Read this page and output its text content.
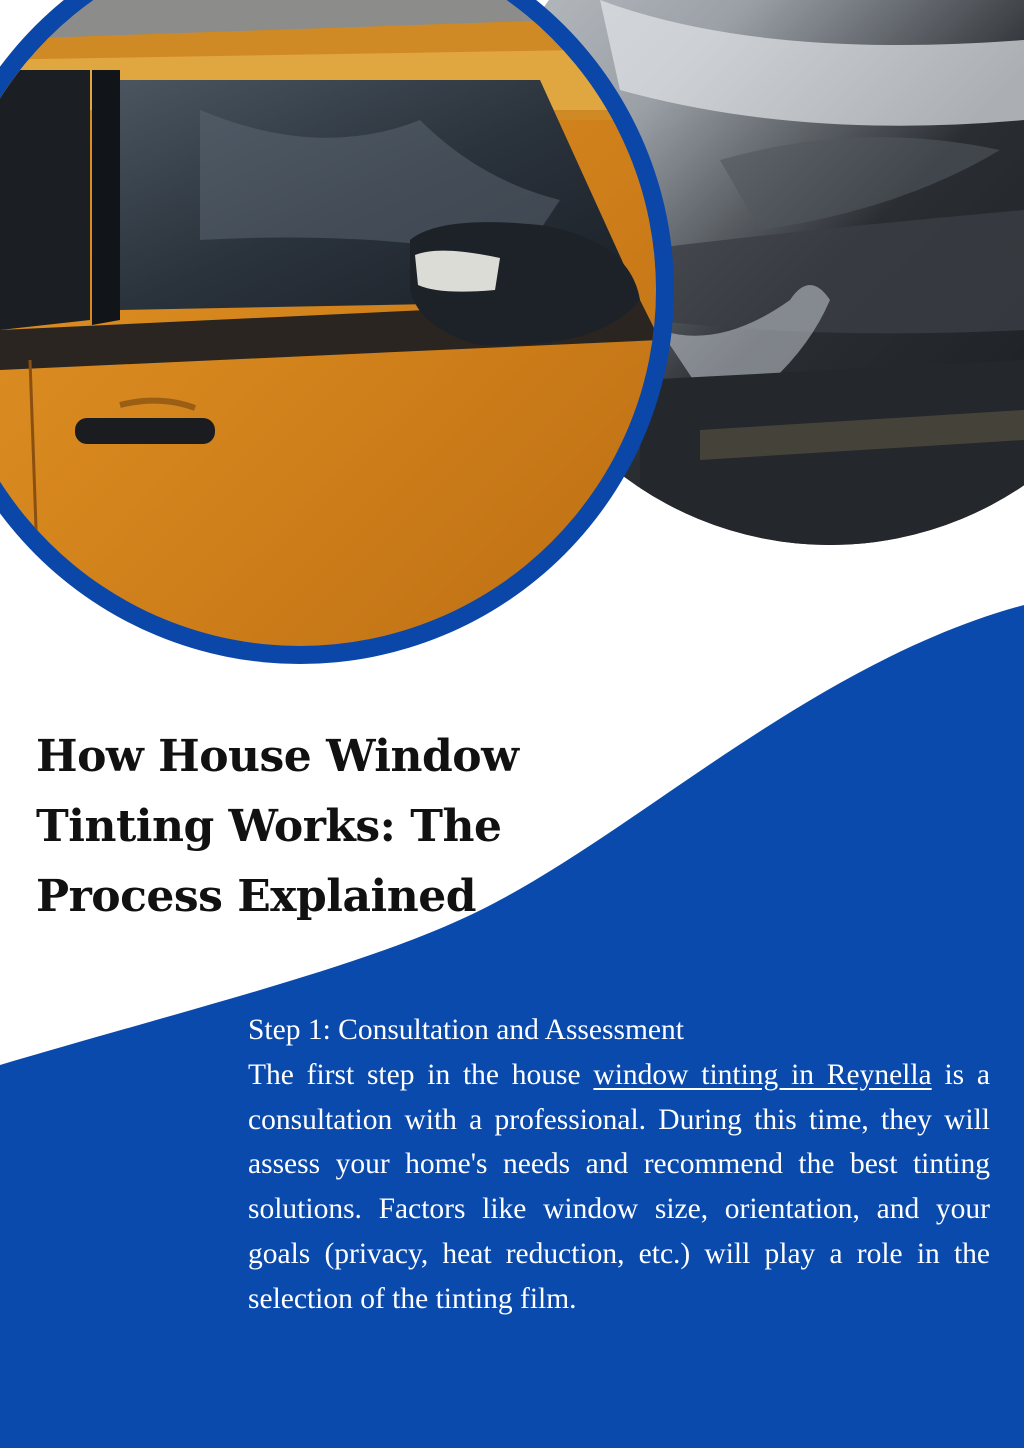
How House Window
Tinting Works: The
Process Explained
Step 1: Consultation and Assessment

The first step in the house window tinting in Reynella is a consultation with a professional. During this time, they will assess your home's needs and recommend the best tinting solutions. Factors like window size, orientation, and your goals (privacy, heat reduction, etc.) will play a role in the selection of the tinting film.
